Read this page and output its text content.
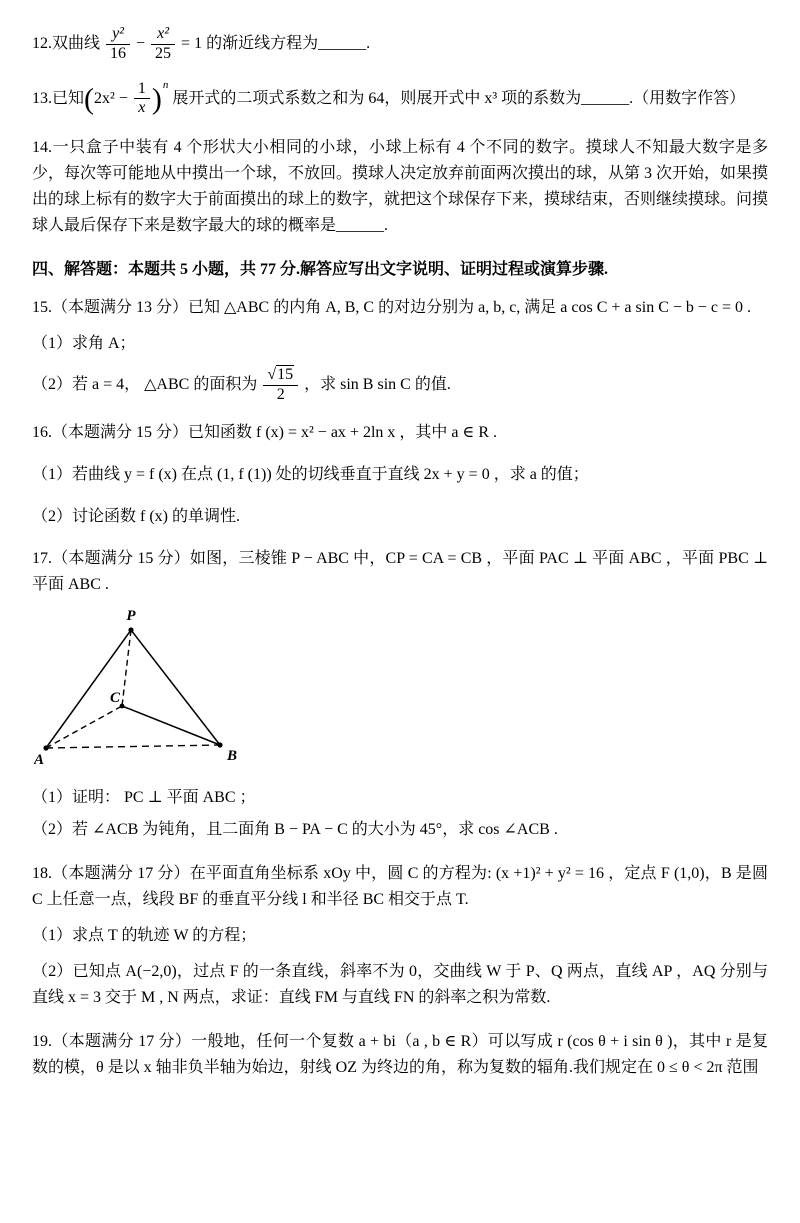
12.双曲线 $\frac{\text{y²}}{16} - \frac{\text{x²}}{25} = 1$ 的渐近线方程为______.

13.已知$(2x^2 - \frac{1}{x} )^n$ 展开式的二项式系数之和为 64，则展开式中 x³ 项的系数为______.（用数字作答）

14.一只盒子中装有 4 个形状大小相同的小球，小球上标有 4 个不同的数字。摸球人不知最大数字是多少，每次等可能地从中摸出一个球，不放回。摸球人决定放弃前面两次摸出的球，从第 3 次开始，如果摸出的球上标有的数字大于前面摸出的球上的数字，就把这个球保存下来，摸球结束，否则继续摸球。问摸球人最后保存下来是数字最大的球的概率是______.

四、解答题：本题共 5 小题，共 77 分.解答应写出文字说明、证明过程或演算步骤.

15.（本题满分 13 分）已知 △ABC 的内角 A, B, C 的对边分别为 a, b, c, 满足 a cos C + a sin C − b − c = 0 .

（1）求角 A；

（2）若 a = 4， △ABC 的面积为 $\frac{√15}{2}$ ，求 sin B sin C 的值.

16.（本题满分 15 分）已知函数 f (x) = x² − ax + 2ln x ，其中 a ∈ R .

（1）若曲线 y = f (x) 在点 (1, f (1)) 处的切线垂直于直线 2x + y = 0 ，求 a 的值；

（2）讨论函数 f (x) 的单调性.

17.（本题满分 15 分）如图，三棱锥 P − ABC 中，CP = CA = CB ，平面 PAC ⊥ 平面 ABC ，平面 PBC ⊥ 平面 ABC .

P
A	B
C

（1）证明： PC ⊥ 平面 ABC ；

（2）若 ∠ACB 为钝角，且二面角 B − PA − C 的大小为 45°，求 cos ∠ACB .

18.（本题满分 17 分）在平面直角坐标系 xOy 中，圆 C 的方程为: (x +1)² + y² = 16 ，定点 F (1,0)，B 是圆 C 上任意一点，线段 BF 的垂直平分线 l 和半径 BC 相交于点 T.

（1）求点 T 的轨迹 W 的方程；

（2）已知点 A(−2,0)，过点 F 的一条直线，斜率不为 0，交曲线 W 于 P、Q 两点，直线 AP ，AQ 分别与直线 x = 3 交于 M , N 两点，求证：直线 FM 与直线 FN 的斜率之积为常数.

19.（本题满分 17 分）一般地，任何一个复数 a + bi（a , b ∈ R）可以写成 r (cos θ + i sin θ )，其中 r 是复数的模，θ 是以 x 轴非负半轴为始边，射线 OZ 为终边的角，称为复数的辐角.我们规定在 0 ≤ θ < 2π 范围
